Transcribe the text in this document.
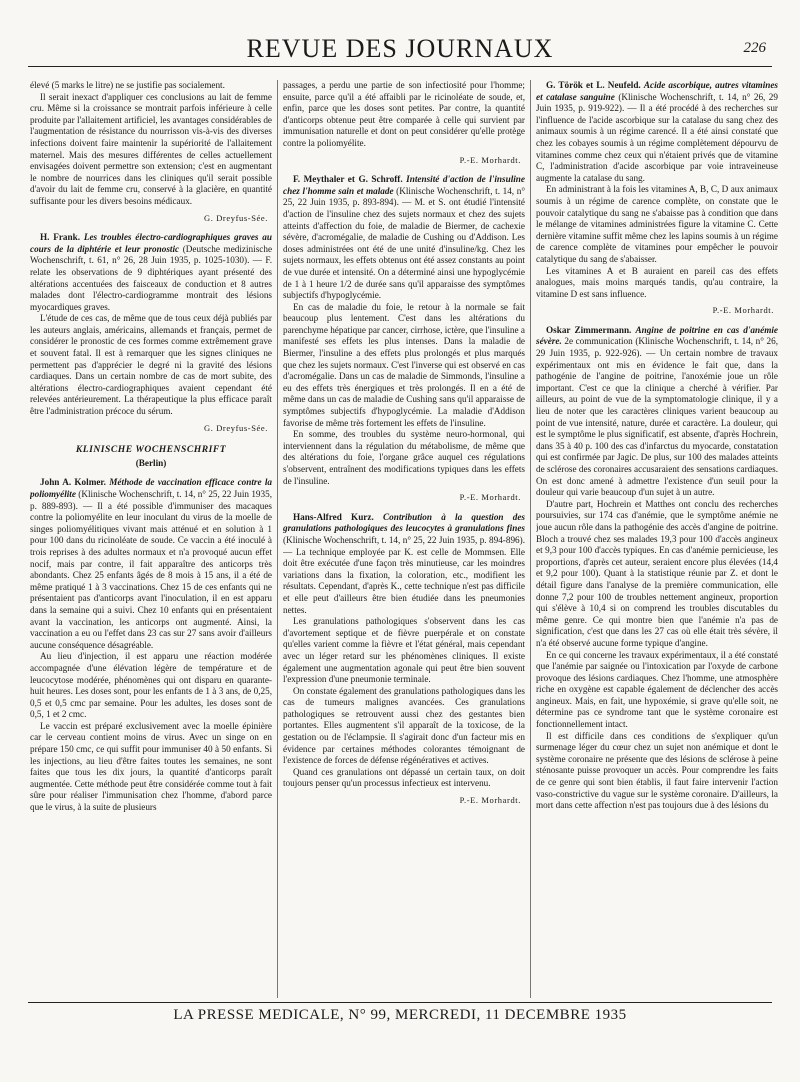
REVUE DES JOURNAUX	226

élevé (5 marks le litre) ne se justifie pas socialement.

Il serait inexact d'appliquer ces conclusions au lait de femme cru. Même si la croissance se montrait parfois inférieure à celle produite par l'allaitement artificiel, les avantages considérables de l'augmentation de résistance du nourrisson vis-à-vis des diverses infections doivent faire maintenir la supériorité de l'allaitement maternel. Mais des mesures différentes de celles actuellement envisagées doivent permettre son extension; c'est en augmentant le nombre de nourrices dans les cliniques qu'il serait possible d'avoir du lait de femme cru, conservé à la glacière, en quantité suffisante pour les divers besoins médicaux.

G. Dreyfus-Sée.

H. Frank. Les troubles électro-cardiographiques graves au cours de la diphtérie et leur pronostic (Deutsche medizinische Wochenschrift, t. 61, n° 26, 28 Juin 1935, p. 1025-1030). — F. relate les observations de 9 diphtériques ayant présenté des altérations accentuées des faisceaux de conduction et 8 autres malades dont l'électro-cardiogramme montrait des lésions myocardiques graves.

L'étude de ces cas, de même que de tous ceux déjà publiés par les auteurs anglais, américains, allemands et français, permet de considérer le pronostic de ces formes comme extrêmement grave et souvent fatal. Il est à remarquer que les signes cliniques ne permettent pas d'apprécier le degré ni la gravité des lésions cardiaques. Dans un certain nombre de cas de mort subite, des altérations électro-cardiographiques avaient cependant été relevées antérieurement. La thérapeutique la plus efficace paraît être l'administration précoce du sérum.

G. Dreyfus-Sée.
KLINISCHE WOCHENSCHRIFT
(Berlin)

John A. Kolmer. Méthode de vaccination efficace contre la poliomyélite (Klinische Wochenschrift, t. 14, n° 25, 22 Juin 1935, p. 889-893). — Il a été possible d'immuniser des macaques contre la poliomyélite en leur inoculant du virus de la moelle de singes poliomyélitiques vivant mais atténué et en solution à 1 pour 100 dans du ricinoléate de soude. Ce vaccin a été inoculé à trois reprises à des adultes normaux et n'a provoqué aucun effet nocif, mais par contre, il fait apparaître des anticorps très abondants. Chez 25 enfants âgés de 8 mois à 15 ans, il a été de même pratiqué 1 à 3 vaccinations. Chez 15 de ces enfants qui ne présentaient pas d'anticorps avant l'inoculation, il en est apparu dans la semaine qui a suivi. Chez 10 enfants qui en présentaient avant la vaccination, les anticorps ont augmenté. Ainsi, la vaccination a eu ou l'effet dans 23 cas sur 27 sans avoir d'ailleurs aucune conséquence désagréable.

Au lieu d'injection, il est apparu une réaction modérée accompagnée d'une élévation légère de température et de leucocytose modérée, phénomènes qui ont disparu en quarante-huit heures. Les doses sont, pour les enfants de 1 à 3 ans, de 0,25, 0,5 et 0,5 cmc par semaine. Pour les adultes, les doses sont de 0,5, 1 et 2 cmc.

Le vaccin est préparé exclusivement avec la moelle épinière car le cerveau contient moins de virus. Avec un singe on en prépare 150 cmc, ce qui suffit pour immuniser 40 à 50 enfants. Si les injections, au lieu d'être faites toutes les semaines, ne sont faites que tous les dix jours, la quantité d'anticorps paraît augmentée. Cette méthode peut être considérée comme tout à fait sûre pour réaliser l'immunisation chez l'homme, d'abord parce que le virus, à la suite de plusieurs

passages, a perdu une partie de son infectiosité pour l'homme; ensuite, parce qu'il a été affaibli par le ricinoléate de soude, et, enfin, parce que les doses sont petites. Par contre, la quantité d'anticorps obtenue peut être comparée à celle qui survient par immunisation naturelle et dont on peut considérer qu'elle protège contre la poliomyélite.

P.-E. Morhardt.

F. Meythaler et G. Schroff. Intensité d'action de l'insuline chez l'homme sain et malade (Klinische Wochenschrift, t. 14, n° 25, 22 Juin 1935, p. 893-894). — M. et S. ont étudié l'intensité d'action de l'insuline chez des sujets normaux et chez des sujets atteints d'affection du foie, de maladie de Biermer, de cachexie sévère, d'acromégalie, de maladie de Cushing ou d'Addison. Les doses administrées ont été de une unité d'insuline/kg. Chez les sujets normaux, les effets obtenus ont été assez constants au point de vue durée et intensité. On a déterminé ainsi une hypoglycémie de 1 à 1 heure 1/2 de durée sans qu'il apparaisse des symptômes subjectifs d'hypoglycémie.

En cas de maladie du foie, le retour à la normale se fait beaucoup plus lentement. C'est dans les altérations du parenchyme hépatique par cancer, cirrhose, ictère, que l'insuline a manifesté ses effets les plus intenses. Dans la maladie de Biermer, l'insuline a des effets plus prolongés et plus marqués que chez les sujets normaux. C'est l'inverse qui est observé en cas d'acromégalie. Dans un cas de maladie de Simmonds, l'insuline a eu des effets très énergiques et très prolongés. Il en a été de même dans un cas de maladie de Cushing sans qu'il apparaisse de symptômes subjectifs d'hypoglycémie. La maladie d'Addison favorise de même très fortement les effets de l'insuline.

En somme, des troubles du système neuro-hormonal, qui interviennent dans la régulation du métabolisme, de même que des altérations du foie, l'organe grâce auquel ces régulations s'observent, entraînent des modifications typiques dans les effets de l'insuline.

P.-E. Morhardt.

Hans-Alfred Kurz. Contribution à la question des granulations pathologiques des leucocytes à granulations fines (Klinische Wochenschrift, t. 14, n° 25, 22 Juin 1935, p. 894-896). — La technique employée par K. est celle de Mommsen. Elle doit être exécutée d'une façon très minutieuse, car les moindres variations dans la fixation, la coloration, etc., modifient les résultats. Cependant, d'après K., cette technique n'est pas difficile et elle peut d'ailleurs être bien étudiée dans les pneumonies nettes.

Les granulations pathologiques s'observent dans les cas d'avortement septique et de fièvre puerpérale et on constate qu'elles varient comme la fièvre et l'état général, mais cependant avec un léger retard sur les phénomènes cliniques. Il existe également une augmentation agonale qui peut être bien souvent l'expression d'une pneumonie terminale.

On constate également des granulations pathologiques dans les cas de tumeurs malignes avancées. Ces granulations pathologiques se retrouvent aussi chez des gestantes bien portantes. Elles augmentent s'il apparaît de la toxicose, de la gestation ou de l'éclampsie. Il s'agirait donc d'un facteur mis en évidence par certaines méthodes colorantes témoignant de l'existence de forces de défense régénératives et actives.

Quand ces granulations ont dépassé un certain taux, on doit toujours penser qu'un processus infectieux est intervenu.

P.-E. Morhardt.

G. Török et L. Neufeld. Acide ascorbique, autres vitamines et catalase sanguine (Klinische Wochenschrift, t. 14, n° 26, 29 Juin 1935, p. 919-922). — Il a été procédé à des recherches sur l'influence de l'acide ascorbique sur la catalase du sang chez des animaux soumis à un régime carencé. Il a été ainsi constaté que chez les cobayes soumis à un régime complètement dépourvu de vitamines comme chez ceux qui n'étaient privés que de vitamine C, l'administration d'acide ascorbique par voie intraveineuse augmente la catalase du sang.

En administrant à la fois les vitamines A, B, C, D aux animaux soumis à un régime de carence complète, on constate que le pouvoir catalytique du sang ne s'abaisse pas à condition que dans le mélange de vitamines administrées figure la vitamine C. Cette dernière vitamine suffit même chez les lapins soumis à un régime de carence complète de vitamines pour empêcher le pouvoir catalytique du sang de s'abaisser.

Les vitamines A et B auraient en pareil cas des effets analogues, mais moins marqués tandis, qu'au contraire, la vitamine D est sans influence.

P.-E. Morhardt.

Oskar Zimmermann. Angine de poitrine en cas d'anémie sévère. 2e communication (Klinische Wochenschrift, t. 14, n° 26, 29 Juin 1935, p. 922-926). — Un certain nombre de travaux expérimentaux ont mis en évidence le fait que, dans la pathogénie de l'angine de poitrine, l'anoxémie joue un rôle important. C'est ce que la clinique a cherché à vérifier. Par ailleurs, au point de vue de la symptomatologie clinique, il y a lieu de noter que les caractères cliniques varient beaucoup au point de vue intensité, nature, durée et caractère. La douleur, qui est le symptôme le plus significatif, est absente, d'après Hochrein, dans 35 à 40 p. 100 des cas d'infarctus du myocarde, constatation qui est confirmée par Jagic. De plus, sur 100 des malades atteints de sclérose des coronaires accusaraient des sensations cardiaques. On est donc amené à admettre l'existence d'un seuil pour la douleur qui varie beaucoup d'un sujet à un autre.

D'autre part, Hochrein et Matthes ont conclu des recherches poursuivies, sur 174 cas d'anémie, que le symptôme anémie ne joue aucun rôle dans la pathogénie des accès d'angine de poitrine. Bloch a trouvé chez ses malades 19,3 pour 100 d'accès angineux et 9,3 pour 100 d'accès typiques. En cas d'anémie pernicieuse, les proportions, d'après cet auteur, seraient encore plus élevées (14,4 et 9,2 pour 100). Quant à la statistique réunie par Z. et dont le détail figure dans l'analyse de la première communication, elle donne 7,2 pour 100 de troubles nettement angineux, proportion qui s'élève à 10,4 si on comprend les troubles discutables du même genre. Ce qui montre bien que l'anémie n'a pas de signification, c'est que dans les 27 cas où elle était très sévère, il n'a été observé aucune forme typique d'angine.

En ce qui concerne les travaux expérimentaux, il a été constaté que l'anémie par saignée ou l'intoxication par l'oxyde de carbone provoque des lésions cardiaques. Chez l'homme, une atmosphère riche en oxygène est capable également de déclencher des accès angineux. Mais, en fait, une hypoxémie, si grave qu'elle soit, ne détermine pas ce syndrome tant que le système coronaire est fonctionnellement intact.

Il est difficile dans ces conditions de s'expliquer qu'un surmenage léger du cœur chez un sujet non anémique et dont le système coronaire ne présente que des lésions de sclérose à peine sténosante puisse provoquer un accès. Pour comprendre les faits de ce genre qui sont bien établis, il faut faire intervenir l'action vaso-constrictive du vague sur le système coronaire. D'ailleurs, la mort dans cette affection n'est pas toujours due à des lésions du

LA PRESSE MEDICALE, N° 99, MERCREDI, 11 DECEMBRE 1935
